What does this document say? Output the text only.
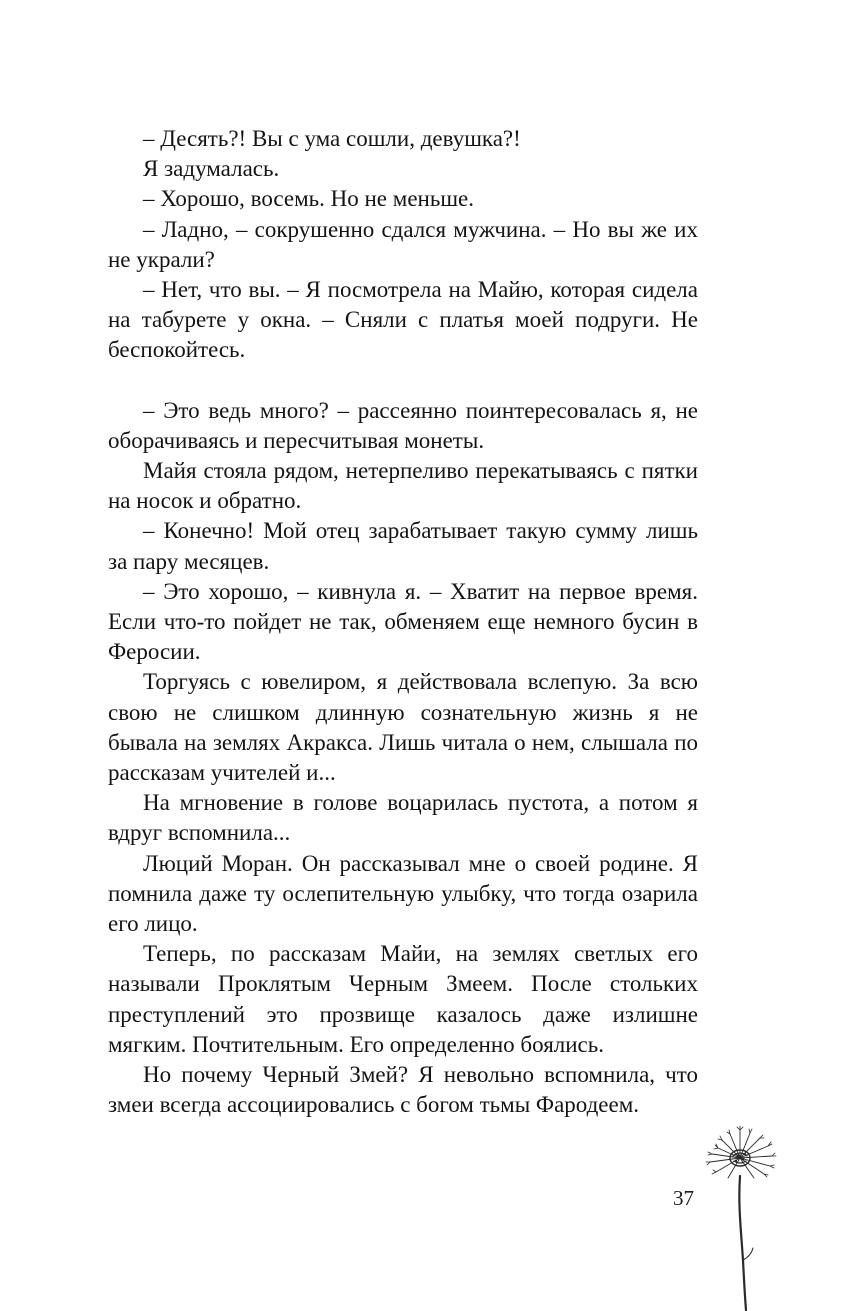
– Десять?! Вы с ума сошли, девушка?!

Я задумалась.

– Хорошо, восемь. Но не меньше.

– Ладно, – сокрушенно сдался мужчина. – Но вы же их не украли?

– Нет, что вы. – Я посмотрела на Майю, которая сидела на табурете у окна. – Сняли с платья моей подруги. Не беспокойтесь.

– Это ведь много? – рассеянно поинтересовалась я, не оборачиваясь и пересчитывая монеты.

Майя стояла рядом, нетерпеливо перекатываясь с пятки на носок и обратно.

– Конечно! Мой отец зарабатывает такую сумму лишь за пару месяцев.

– Это хорошо, – кивнула я. – Хватит на первое время. Если что-то пойдет не так, обменяем еще немного бусин в Феросии.

Торгуясь с ювелиром, я действовала вслепую. За всю свою не слишком длинную сознательную жизнь я не бывала на землях Акракса. Лишь читала о нем, слышала по рассказам учителей и...

На мгновение в голове воцарилась пустота, а потом я вдруг вспомнила...

Люций Моран. Он рассказывал мне о своей родине. Я помнила даже ту ослепительную улыбку, что тогда озарила его лицо.

Теперь, по рассказам Майи, на землях светлых его называли Проклятым Черным Змеем. После стольких преступлений это прозвище казалось даже излишне мягким. Почтительным. Его определенно боялись.

Но почему Черный Змей? Я невольно вспомнила, что змеи всегда ассоциировались с богом тьмы Фародеем.

37
